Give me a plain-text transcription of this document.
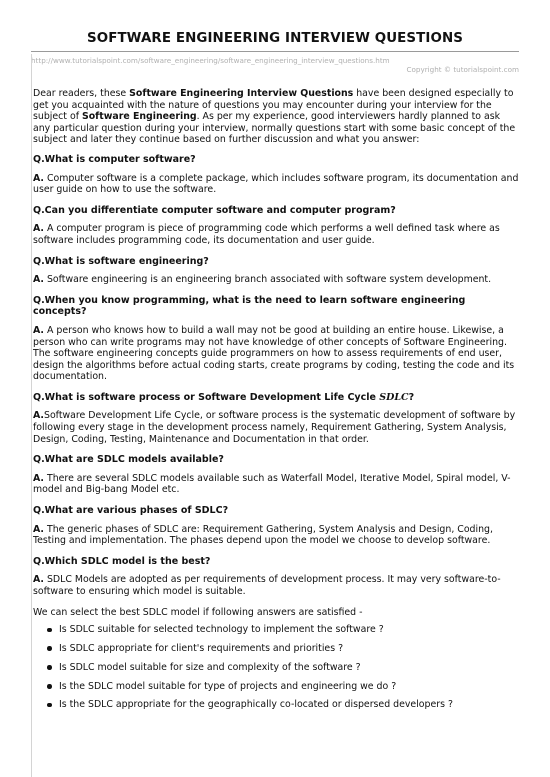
SOFTWARE ENGINEERING INTERVIEW QUESTIONS
http://www.tutorialspoint.com/software_engineering/software_engineering_interview_questions.htm
Copyright © tutorialspoint.com

Dear readers, these Software Engineering Interview Questions have been designed especially to get you acquainted with the nature of questions you may encounter during your interview for the subject of Software Engineering. As per my experience, good interviewers hardly planned to ask any particular question during your interview, normally questions start with some basic concept of the subject and later they continue based on further discussion and what you answer:

Q.What is computer software?

A. Computer software is a complete package, which includes software program, its documentation and user guide on how to use the software.

Q.Can you differentiate computer software and computer program?

A. A computer program is piece of programming code which performs a well defined task where as software includes programming code, its documentation and user guide.

Q.What is software engineering?

A. Software engineering is an engineering branch associated with software system development.

Q.When you know programming, what is the need to learn software engineering concepts?

A. A person who knows how to build a wall may not be good at building an entire house. Likewise, a person who can write programs may not have knowledge of other concepts of Software Engineering. The software engineering concepts guide programmers on how to assess requirements of end user, design the algorithms before actual coding starts, create programs by coding, testing the code and its documentation.

Q.What is software process or Software Development Life Cycle SDLC?

A.Software Development Life Cycle, or software process is the systematic development of software by following every stage in the development process namely, Requirement Gathering, System Analysis, Design, Coding, Testing, Maintenance and Documentation in that order.

Q.What are SDLC models available?

A. There are several SDLC models available such as Waterfall Model, Iterative Model, Spiral model, V-model and Big-bang Model etc.

Q.What are various phases of SDLC?

A. The generic phases of SDLC are: Requirement Gathering, System Analysis and Design, Coding, Testing and implementation. The phases depend upon the model we choose to develop software.

Q.Which SDLC model is the best?

A. SDLC Models are adopted as per requirements of development process. It may very software-to-software to ensuring which model is suitable.

We can select the best SDLC model if following answers are satisfied -

Is SDLC suitable for selected technology to implement the software ?
Is SDLC appropriate for client's requirements and priorities ?
Is SDLC model suitable for size and complexity of the software ?
Is the SDLC model suitable for type of projects and engineering we do ?
Is the SDLC appropriate for the geographically co-located or dispersed developers ?
